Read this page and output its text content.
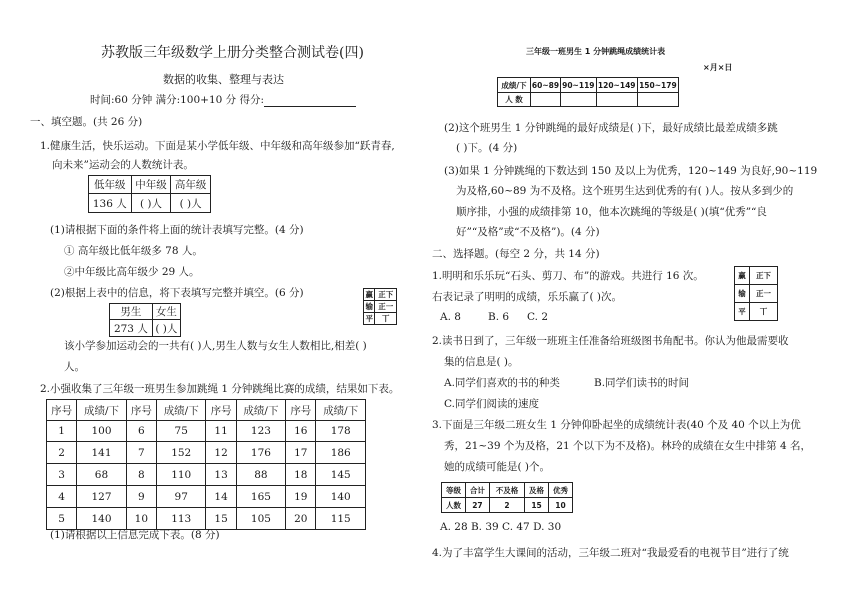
苏教版三年级数学上册分类整合测试卷(四)
数据的收集、整理与表达
时间:60 分钟 满分:100+10 分 得分:
一、填空题。(共 26 分)
1.健康生活，快乐运动。下面是某小学低年级、中年级和高年级参加“跃青春,
向未来”运动会的人数统计表。
低年级	中年级	高年级
136 人	( )人	( )人
(1)请根据下面的条件将上面的统计表填写完整。(4 分)
① 高年级比低年级多 78 人。
②中年级比高年级少 29 人。
(2)根据上表中的信息，将下表填写完整并填空。(6 分)
男生	女生
273 人	( )人
赢	正下
输	正一
平	丅
该小学参加运动会的一共有( )人,男生人数与女生人数相比,相差( )
人。
2.小强收集了三年级一班男生参加跳绳 1 分钟跳绳比赛的成绩，结果如下表。
序号	成绩/下	序号	成绩/下	序号	成绩/下	序号	成绩/下
1	100	6	75	11	123	16	178
2	141	7	152	12	176	17	186
3	68	8	110	13	88	18	145
4	127	9	97	14	165	19	140
5	140	10	113	15	105	20	115
(1)请根据以上信息完成下表。(8 分)
三年级一班男生 1 分钟跳绳成绩统计表
×月×日
成绩/下	60~89	90~119	120~149	150~179
人 数				
(2)这个班男生 1 分钟跳绳的最好成绩是( )下，最好成绩比最差成绩多跳
( )下。(4 分)
(3)如果 1 分钟跳绳的下数达到 150 及以上为优秀，120~149 为良好,90~119
为及格,60~89 为不及格。这个班男生达到优秀的有( )人。按从多到少的
顺序排，小强的成绩排第 10，他本次跳绳的等级是( )(填“优秀”“良
好”“及格”或“不及格”)。(4 分)
二、选择题。(每空 2 分，共 14 分)
1.明明和乐乐玩“石头、剪刀、布”的游戏。共进行 16 次。
右表记录了明明的成绩，乐乐赢了( )次。
A. 8	B. 6 C. 2
赢	正下
输	正一
平	丅
2.读书日到了，三年级一班班主任准备给班级图书角配书。你认为他最需要收
集的信息是( )。
A.同学们喜欢的书的种类	B.同学们读书的时间
C.同学们阅读的速度
3.下面是三年级二班女生 1 分钟仰卧起坐的成绩统计表(40 个及 40 个以上为优
秀，21~39 个为及格，21 个以下为不及格)。林玲的成绩在女生中排第 4 名，
她的成绩可能是( )个。
等级	合计	不及格	及格	优秀
人数	27	2	15	10
A. 28 B. 39 C. 47 D. 30
4.为了丰富学生大课间的活动，三年级二班对“我最爱看的电视节目”进行了统
